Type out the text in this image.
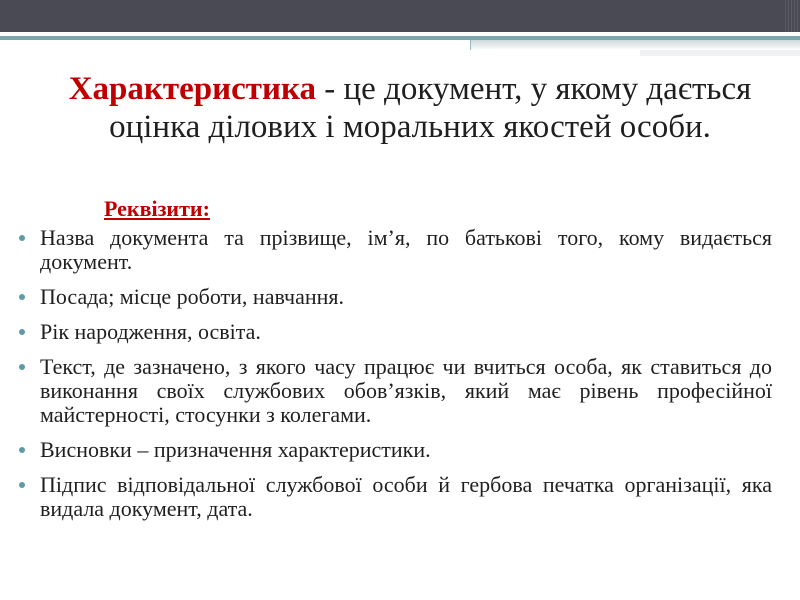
Характеристика - це документ, у якому дається оцінка ділових і моральних якостей особи.
Реквізити:
Назва документа та прізвище, ім’я, по батькові того, кому видається документ.
Посада; місце роботи, навчання.
Рік народження, освіта.
Текст, де зазначено, з якого часу працює чи вчиться особа, як ставиться до виконання своїх службових обов’язків, який має рівень професійної майстерності, стосунки з колегами.
Висновки – призначення характеристики.
Підпис відповідальної службової особи й гербова печатка організації, яка видала документ, дата.
